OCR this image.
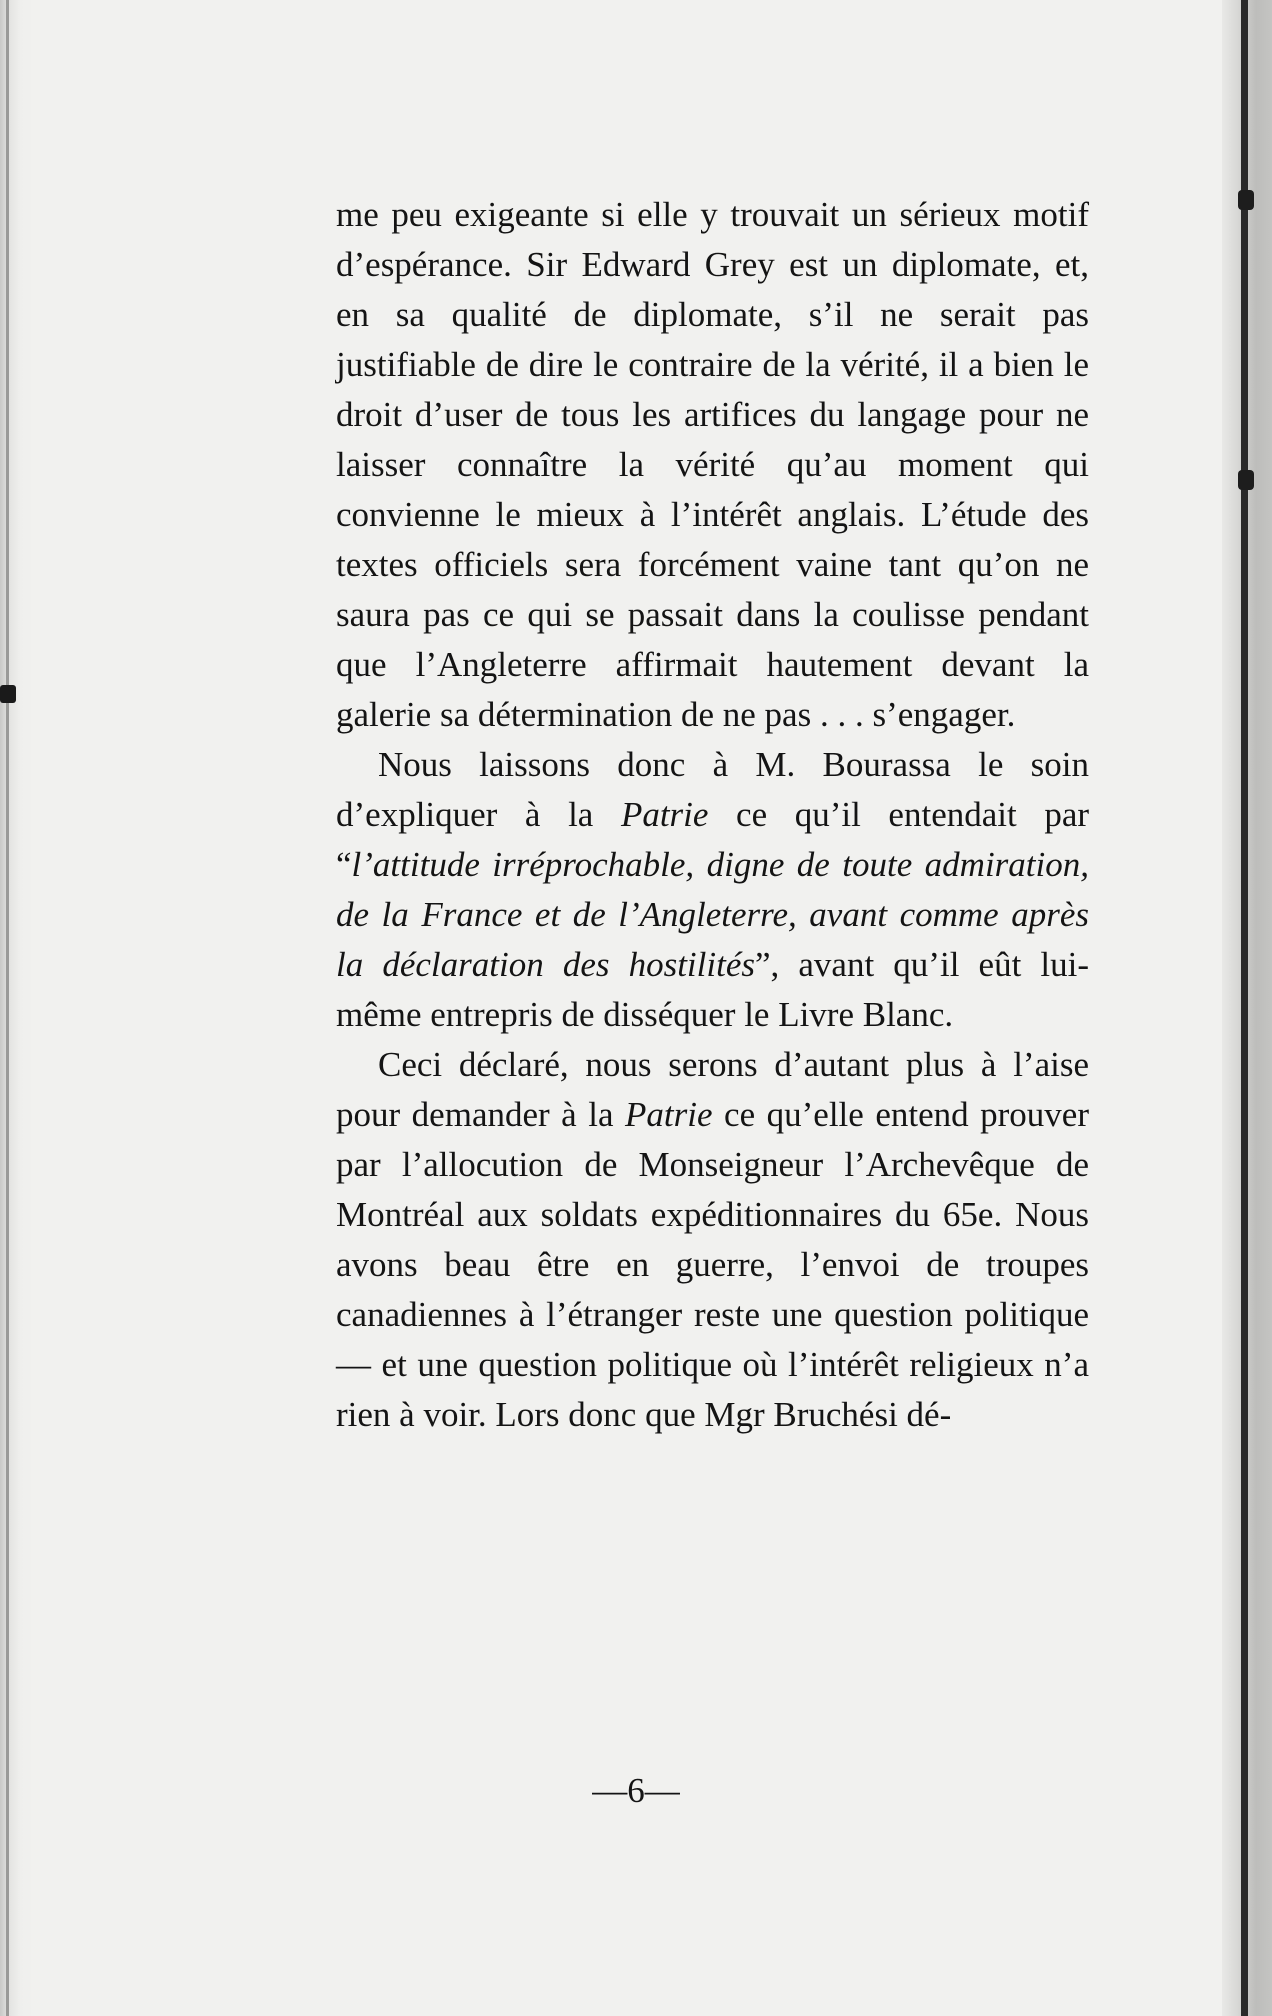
me peu exigeante si elle y trouvait un sérieux motif d’espérance. Sir Edward Grey est un diplomate, et, en sa qualité de diplomate, s’il ne serait pas justifiable de dire le contraire de la vérité, il a bien le droit d’user de tous les artifices du langage pour ne laisser connaître la vérité qu’au moment qui convienne le mieux à l’intérêt anglais. L’étude des textes officiels sera forcément vaine tant qu’on ne saura pas ce qui se passait dans la coulisse pendant que l’Angleterre affirmait hautement devant la galerie sa détermination de ne pas . . . s’engager.

Nous laissons donc à M. Bourassa le soin d’expliquer à la Patrie ce qu’il entendait par “l’attitude irréprochable, digne de toute admiration, de la France et de l’Angleterre, avant comme après la déclaration des hostilités”, avant qu’il eût lui-même entrepris de disséquer le Livre Blanc.

Ceci déclaré, nous serons d’autant plus à l’aise pour demander à la Patrie ce qu’elle entend prouver par l’allocution de Monseigneur l’Archevêque de Montréal aux soldats expéditionnaires du 65e. Nous avons beau être en guerre, l’envoi de troupes canadiennes à l’étranger reste une question politique — et une question politique où l’intérêt religieux n’a rien à voir. Lors donc que Mgr Bruchési dé-

—6—
